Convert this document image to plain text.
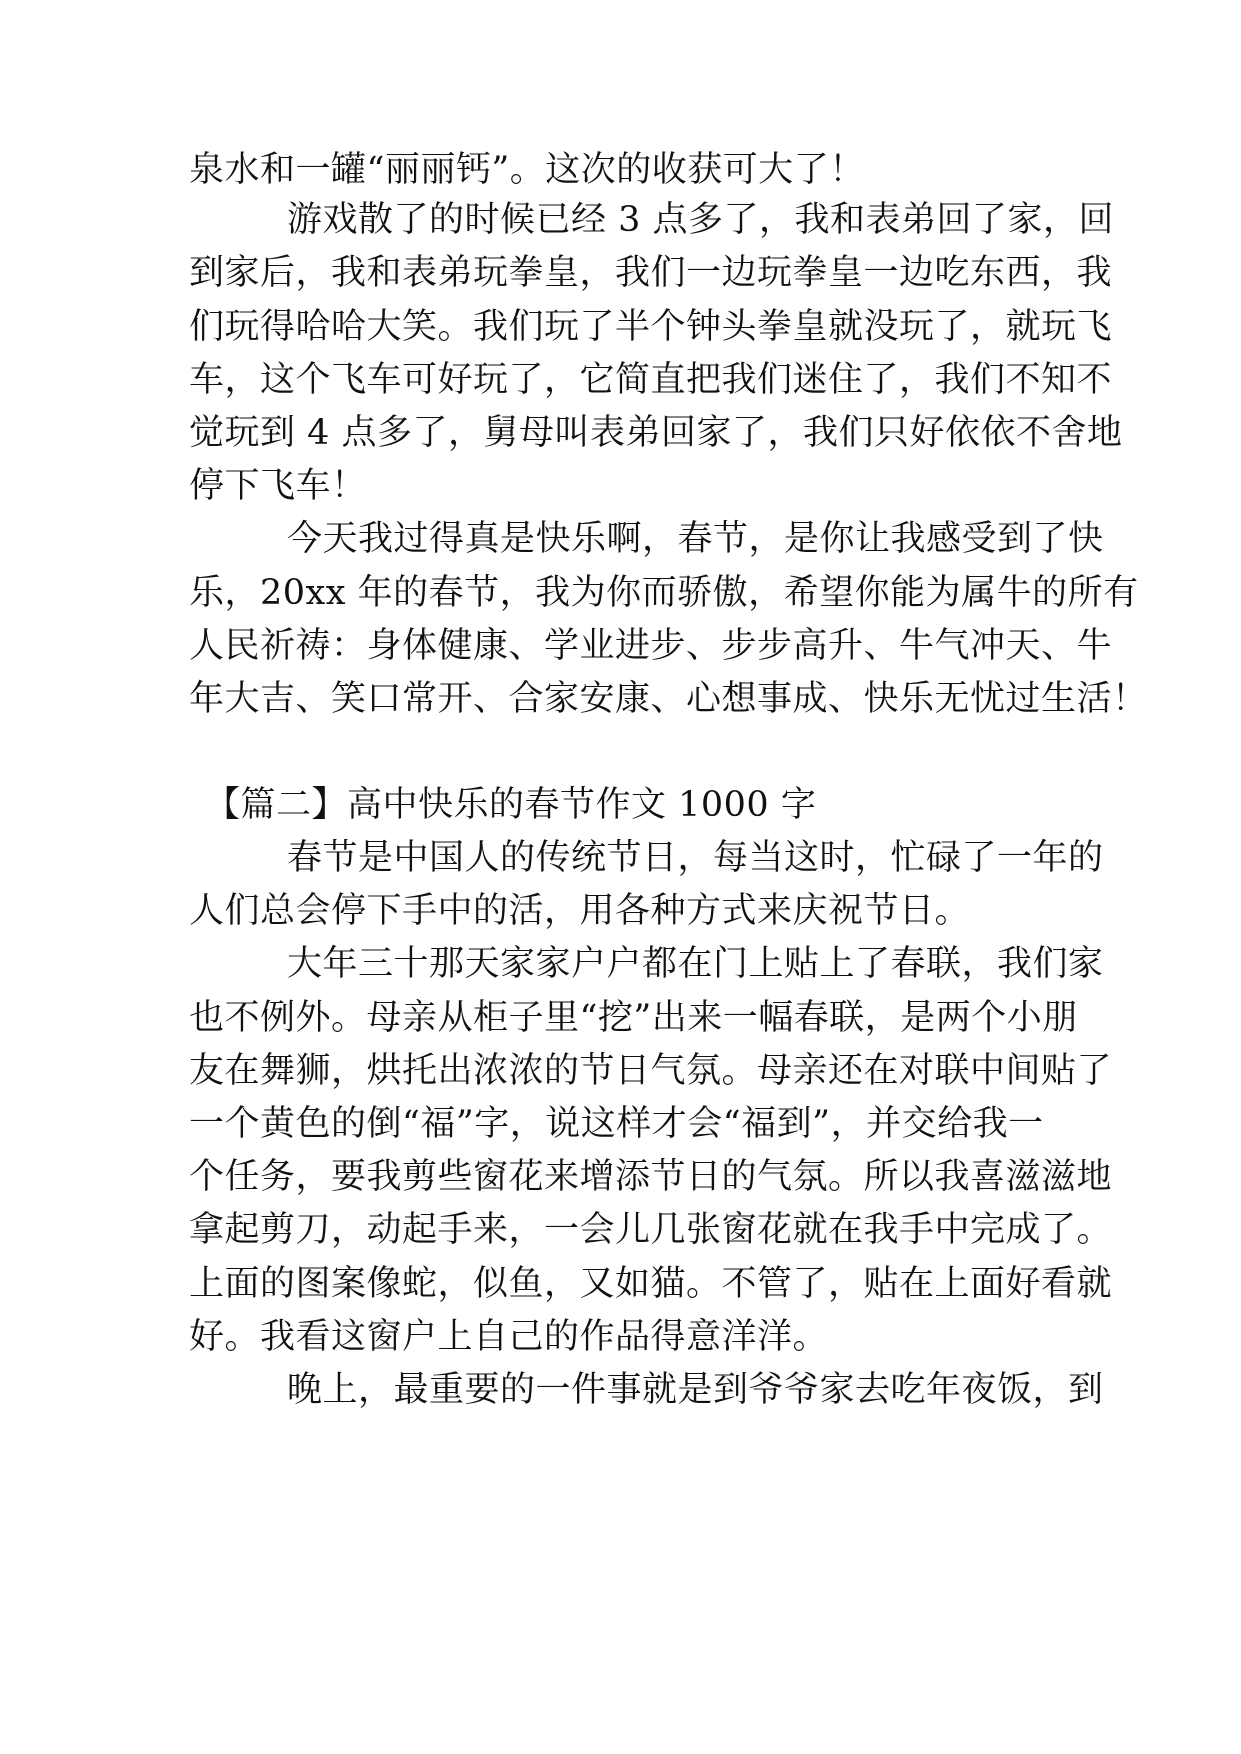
泉水和一罐“丽丽钙”。这次的收获可大了！
游戏散了的时候已经 3 点多了，我和表弟回了家，回
到家后，我和表弟玩拳皇，我们一边玩拳皇一边吃东西，我
们玩得哈哈大笑。我们玩了半个钟头拳皇就没玩了，就玩飞
车，这个飞车可好玩了，它简直把我们迷住了，我们不知不
觉玩到 4 点多了，舅母叫表弟回家了，我们只好依依不舍地
停下飞车！
今天我过得真是快乐啊，春节，是你让我感受到了快
乐，20xx 年的春节，我为你而骄傲，希望你能为属牛的所有
人民祈祷：身体健康、学业进步、步步高升、牛气冲天、牛
年大吉、笑口常开、合家安康、心想事成、快乐无忧过生活！
【篇二】高中快乐的春节作文 1000 字
春节是中国人的传统节日，每当这时，忙碌了一年的
人们总会停下手中的活，用各种方式来庆祝节日。
大年三十那天家家户户都在门上贴上了春联，我们家
也不例外。母亲从柜子里“挖”出来一幅春联，是两个小朋
友在舞狮，烘托出浓浓的节日气氛。母亲还在对联中间贴了
一个黄色的倒“福”字，说这样才会“福到”，并交给我一
个任务，要我剪些窗花来增添节日的气氛。所以我喜滋滋地
拿起剪刀，动起手来，一会儿几张窗花就在我手中完成了。
上面的图案像蛇，似鱼，又如猫。不管了，贴在上面好看就
好。我看这窗户上自己的作品得意洋洋。
晚上，最重要的一件事就是到爷爷家去吃年夜饭，到
